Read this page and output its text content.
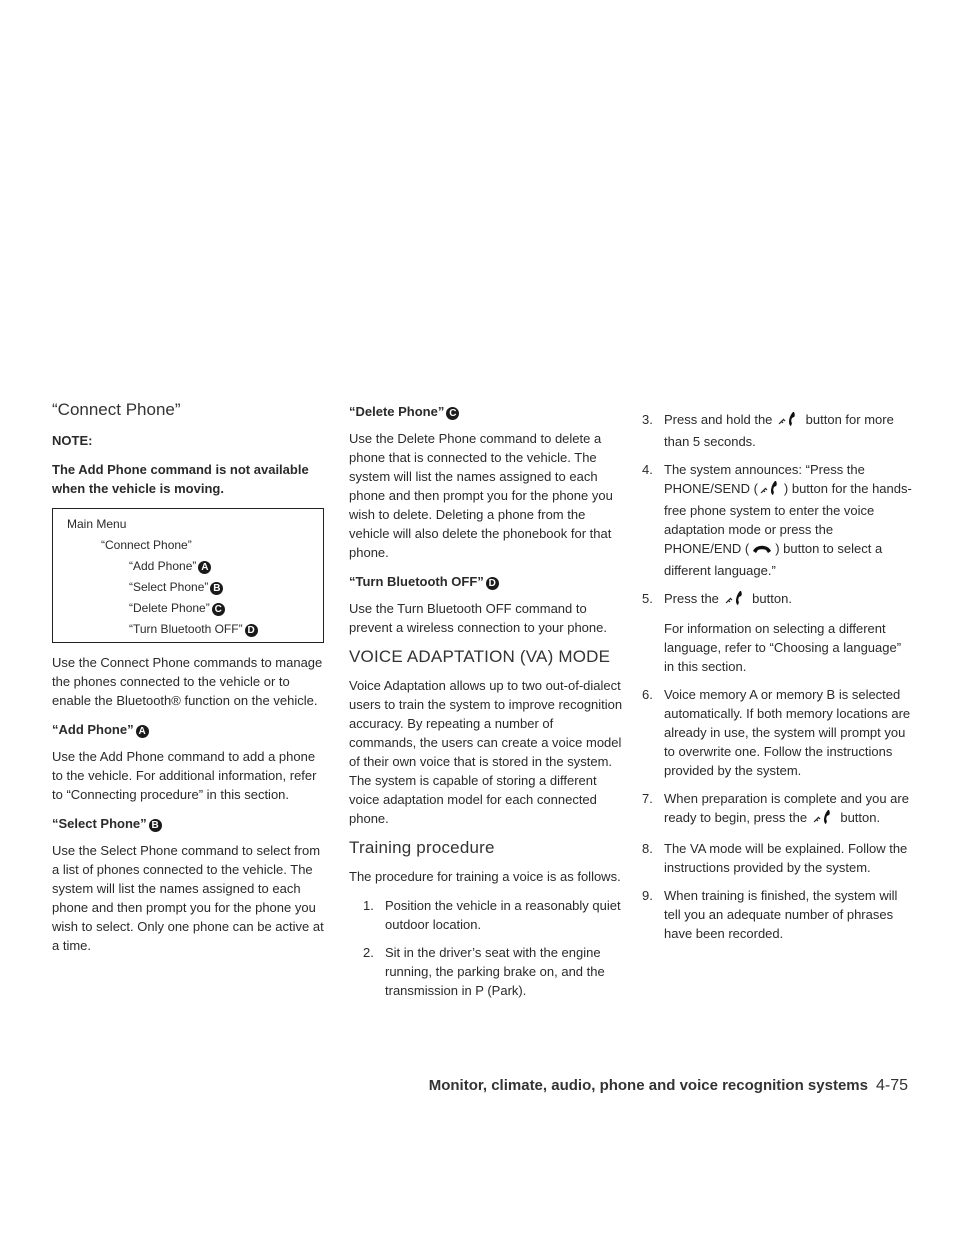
“Connect Phone”

NOTE:

The Add Phone command is not available when the vehicle is moving.

Main Menu
“Connect Phone”
“Add Phone” A
“Select Phone” B
“Delete Phone” C
“Turn Bluetooth OFF” D

Use the Connect Phone commands to manage the phones connected to the vehicle or to enable the Bluetooth® function on the vehicle.

“Add Phone” A

Use the Add Phone command to add a phone to the vehicle. For additional information, refer to “Connecting procedure” in this section.

“Select Phone” B

Use the Select Phone command to select from a list of phones connected to the vehicle. The system will list the names assigned to each phone and then prompt you for the phone you wish to select. Only one phone can be active at a time.

“Delete Phone” C

Use the Delete Phone command to delete a phone that is connected to the vehicle. The system will list the names assigned to each phone and then prompt you for the phone you wish to delete. Deleting a phone from the vehicle will also delete the phonebook for that phone.

“Turn Bluetooth OFF” D

Use the Turn Bluetooth OFF command to prevent a wireless connection to your phone.

VOICE ADAPTATION (VA) MODE

Voice Adaptation allows up to two out-of-dialect users to train the system to improve recognition accuracy. By repeating a number of commands, the users can create a voice model of their own voice that is stored in the system. The system is capable of storing a different voice adaptation model for each connected phone.

Training procedure

The procedure for training a voice is as follows.

1. Position the vehicle in a reasonably quiet outdoor location.
2. Sit in the driver’s seat with the engine running, the parking brake on, and the transmission in P (Park).
3. Press and hold the	button for more than 5 seconds.
4. The system announces: “Press the PHONE/SEND ( ) button for the hands-free phone system to enter the voice adaptation mode or press the PHONE/END ( ) button to select a different language.”
5. Press the	button.
For information on selecting a different language, refer to “Choosing a language” in this section.
6. Voice memory A or memory B is selected automatically. If both memory locations are already in use, the system will prompt you to overwrite one. Follow the instructions provided by the system.
7. When preparation is complete and you are ready to begin, press the	button.
8. The VA mode will be explained. Follow the instructions provided by the system.
9. When training is finished, the system will tell you an adequate number of phrases have been recorded.
Monitor, climate, audio, phone and voice recognition systems 4-75
